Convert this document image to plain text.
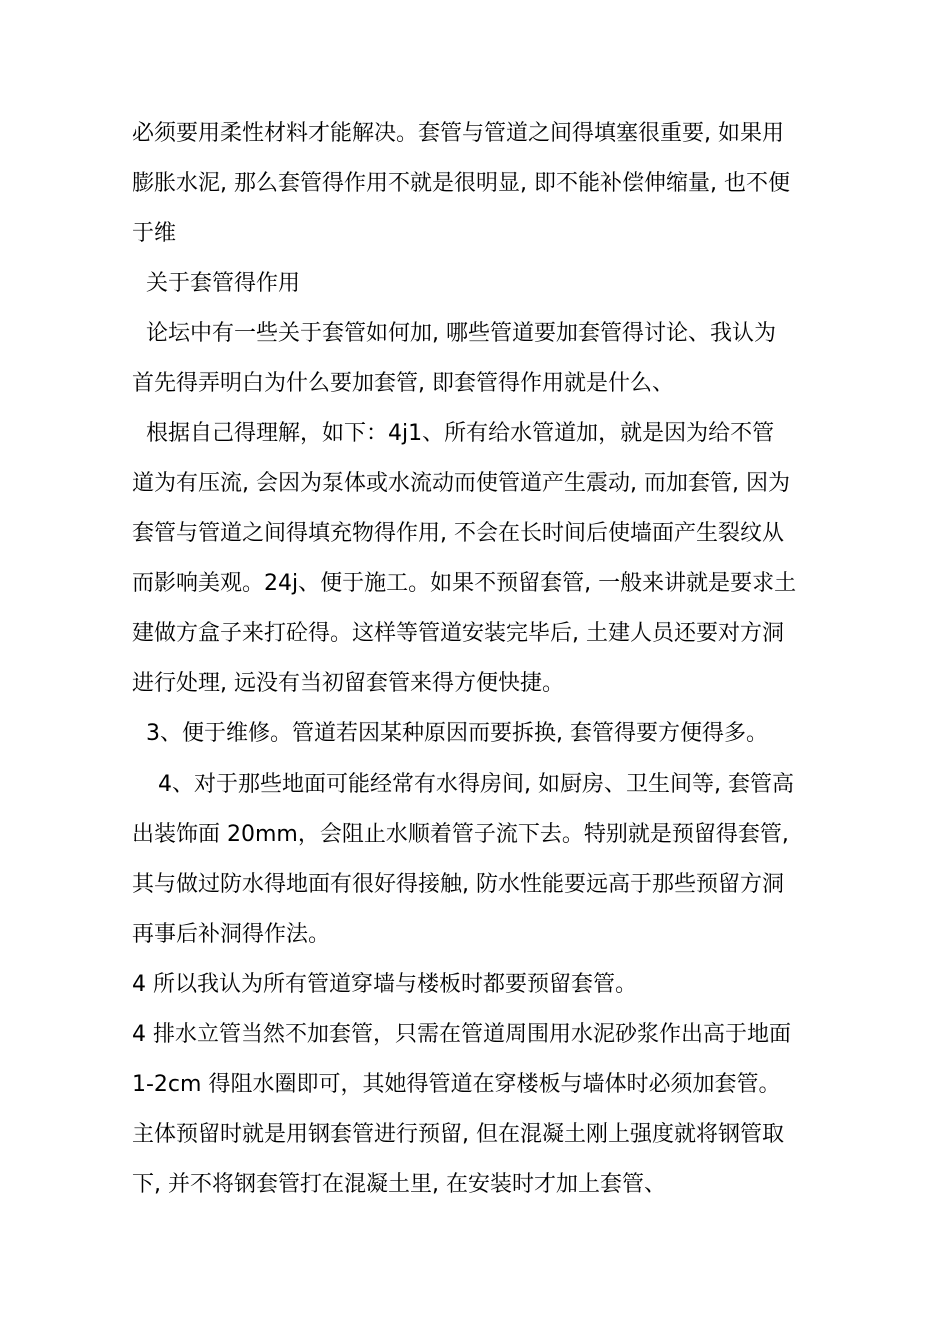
必须要用柔性材料才能解决。套管与管道之间得填塞很重要, 如果用
膨胀水泥, 那么套管得作用不就是很明显, 即不能补偿伸缩量, 也不便
于维
关于套管得作用
论坛中有一些关于套管如何加, 哪些管道要加套管得讨论、我认为
首先得弄明白为什么要加套管, 即套管得作用就是什么、
根据自己得理解，如下：4j1、所有给水管道加，就是因为给不管
道为有压流, 会因为泵体或水流动而使管道产生震动, 而加套管, 因为
套管与管道之间得填充物得作用, 不会在长时间后使墙面产生裂纹从
而影响美观。24j、便于施工。如果不预留套管, 一般来讲就是要求土
建做方盒子来打砼得。这样等管道安装完毕后, 土建人员还要对方洞
进行处理, 远没有当初留套管来得方便快捷。
3、便于维修。管道若因某种原因而要拆换, 套管得要方便得多。
4、对于那些地面可能经常有水得房间, 如厨房、卫生间等, 套管高
出装饰面 20mm，会阻止水顺着管子流下去。特别就是预留得套管,
其与做过防水得地面有很好得接触, 防水性能要远高于那些预留方洞
再事后补洞得作法。
4 所以我认为所有管道穿墙与楼板时都要预留套管。
4 排水立管当然不加套管，只需在管道周围用水泥砂浆作出高于地面
1-2cm 得阻水圈即可，其她得管道在穿楼板与墙体时必须加套管。
主体预留时就是用钢套管进行预留, 但在混凝土刚上强度就将钢管取
下, 并不将钢套管打在混凝土里, 在安装时才加上套管、
